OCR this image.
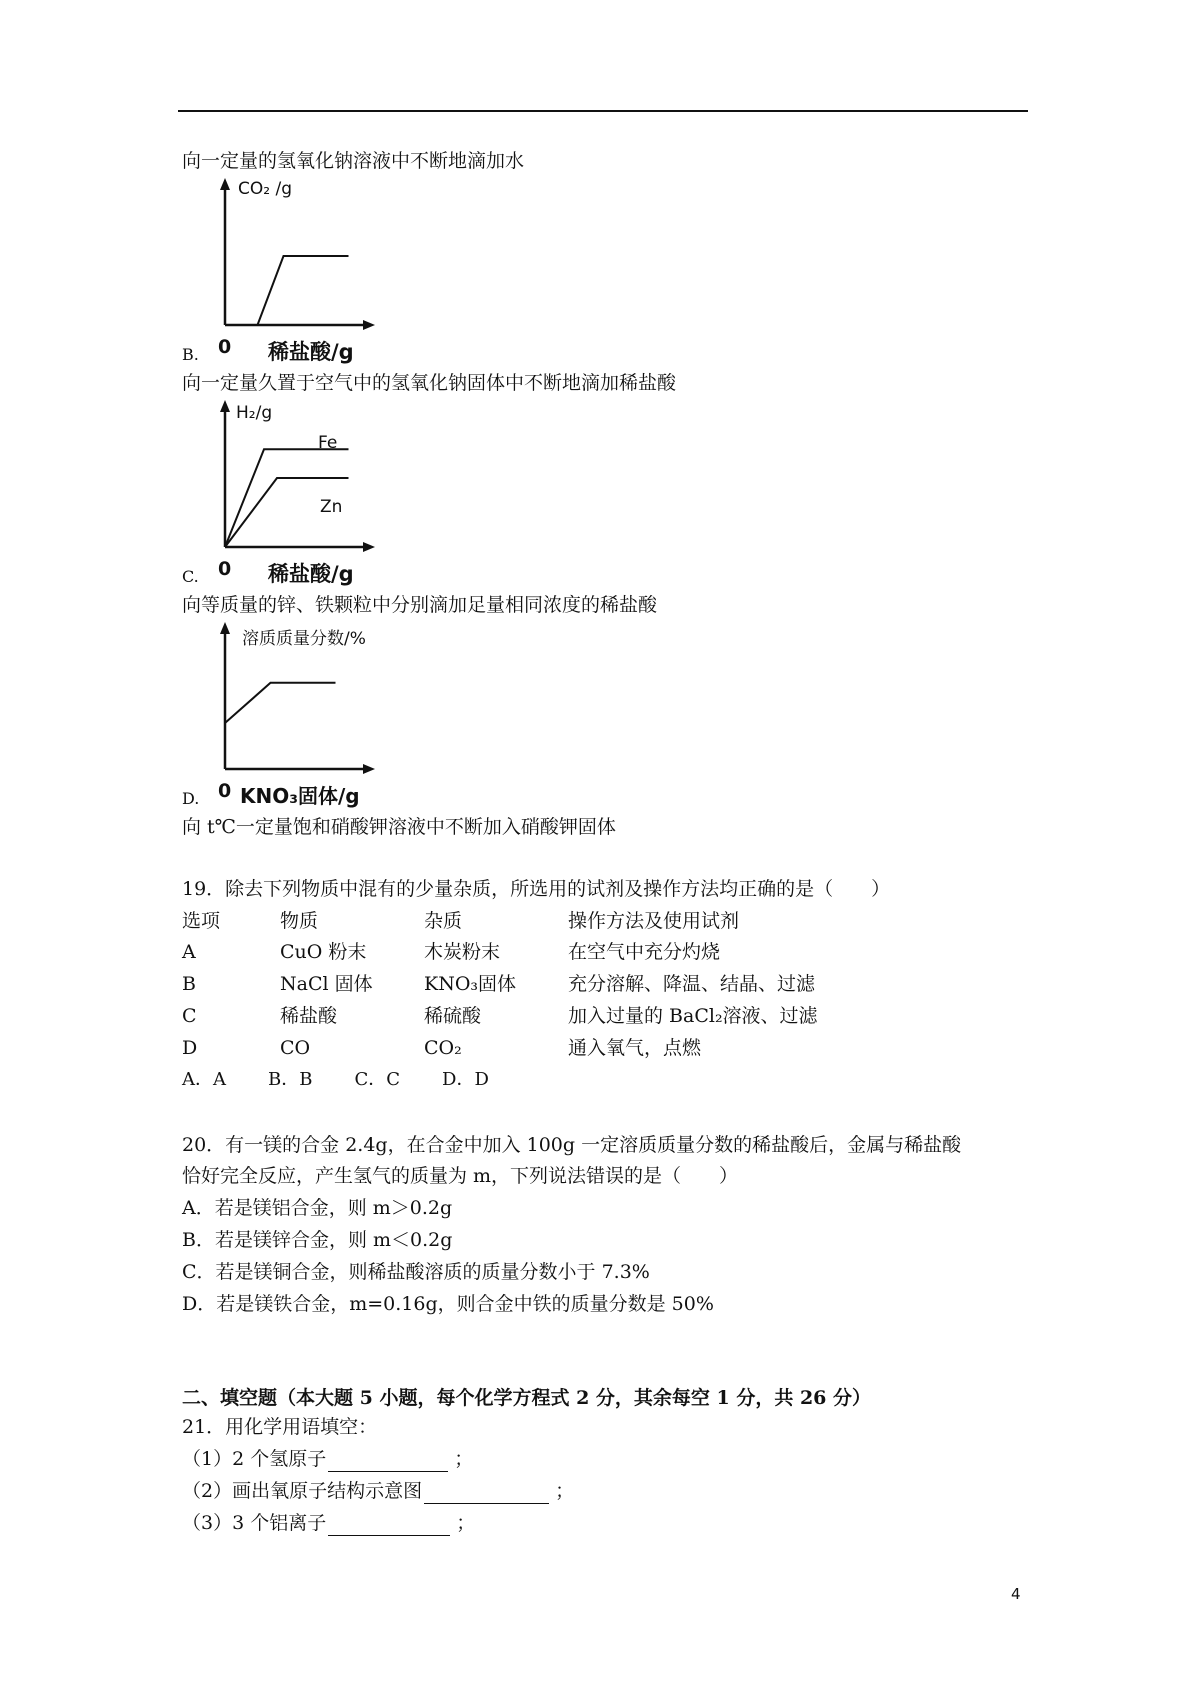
向一定量的氢氧化钠溶液中不断地滴加水
CO₂ /g
B. 0 稀盐酸/g
向一定量久置于空气中的氢氧化钠固体中不断地滴加稀盐酸
H₂/g
Fe
Zn
C. 0 稀盐酸/g
向等质量的锌、铁颗粒中分别滴加足量相同浓度的稀盐酸
溶质质量分数/%
D. 0 KNO₃固体/g
向 t℃一定量饱和硝酸钾溶液中不断加入硝酸钾固体
19．除去下列物质中混有的少量杂质，所选用的试剂及操作方法均正确的是（　　）
选项	物质	杂质	操作方法及使用试剂
A	CuO 粉末	木炭粉末	在空气中充分灼烧
B	NaCl 固体	KNO₃固体	充分溶解、降温、结晶、过滤
C	稀盐酸	稀硫酸	加入过量的 BaCl₂溶液、过滤
D	CO	CO₂	通入氧气，点燃
A．A B．B C．C D．D
20．有一镁的合金 2.4g，在合金中加入 100g 一定溶质质量分数的稀盐酸后，金属与稀盐酸
恰好完全反应，产生氢气的质量为 m，下列说法错误的是（　　）
A．若是镁铝合金，则 m＞0.2g
B．若是镁锌合金，则 m＜0.2g
C．若是镁铜合金，则稀盐酸溶质的质量分数小于 7.3%
D．若是镁铁合金，m=0.16g，则合金中铁的质量分数是 50%
二、填空题（本大题 5 小题，每个化学方程式 2 分，其余每空 1 分，共 26 分）
21．用化学用语填空：
（1）2 个氢原子	；
（2）画出氧原子结构示意图	；
（3）3 个铝离子	；
4
